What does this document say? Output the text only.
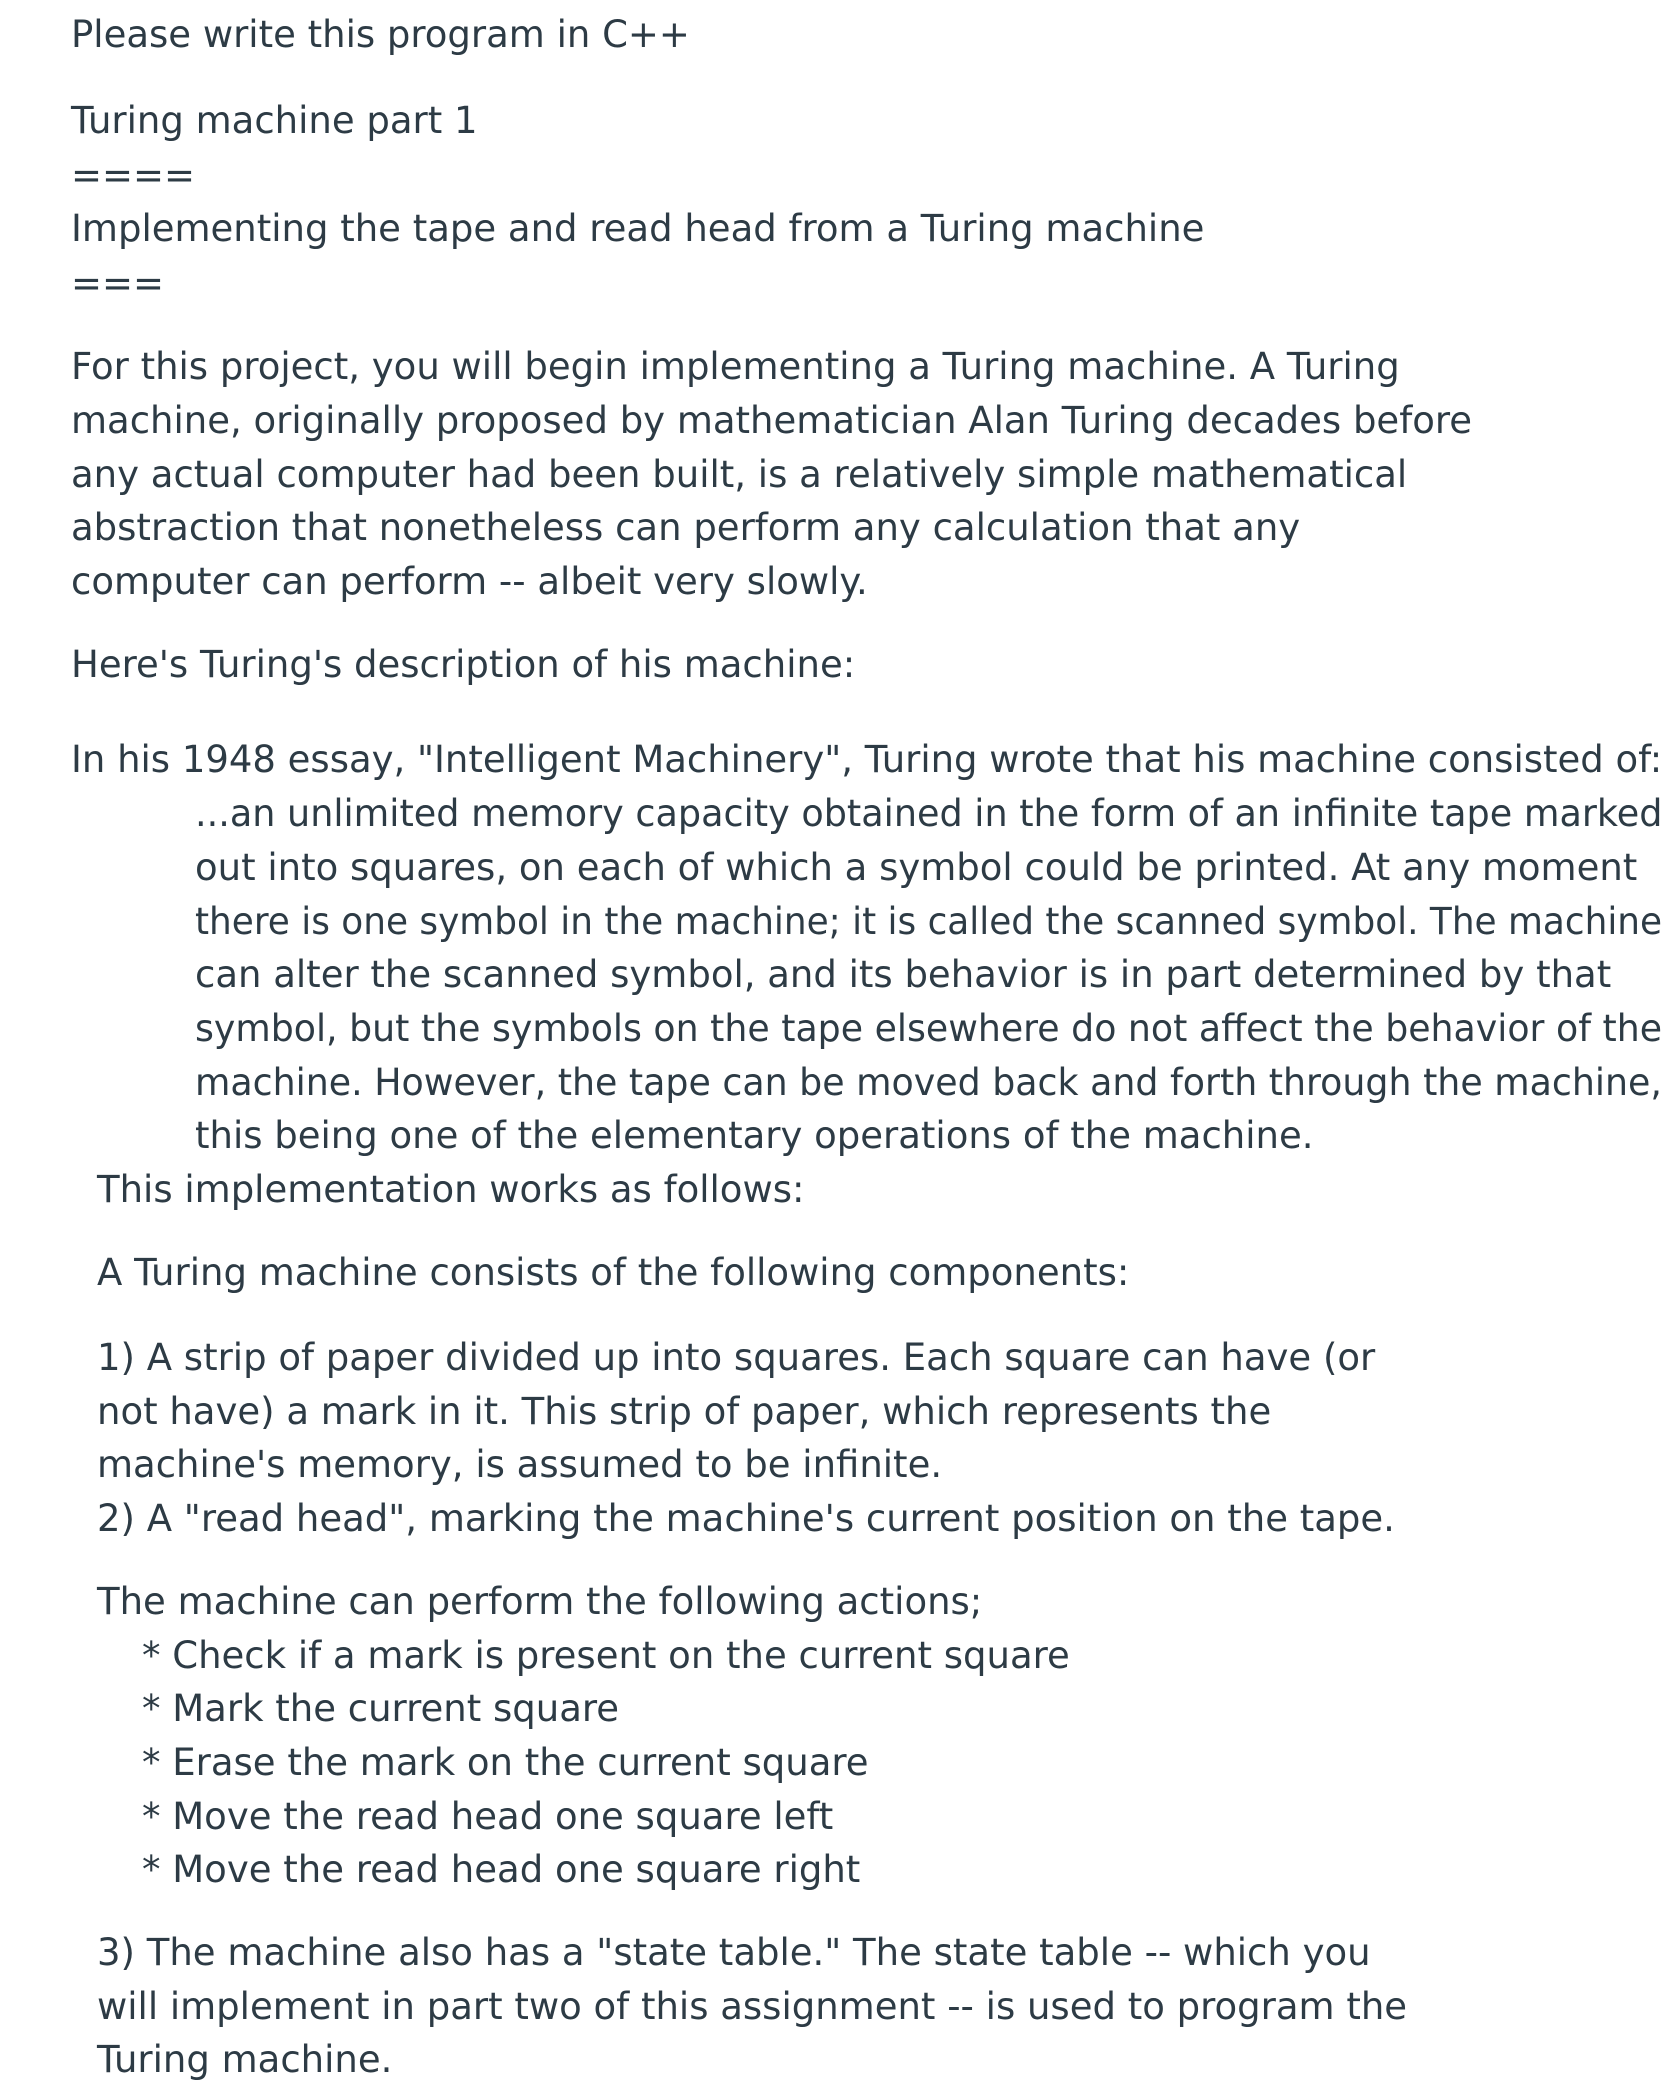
Please write this program in C++
Turing machine part 1
====
Implementing the tape and read head from a Turing machine
===
For this project, you will begin implementing a Turing machine. A Turing
machine, originally proposed by mathematician Alan Turing decades before
any actual computer had been built, is a relatively simple mathematical
abstraction that nonetheless can perform any calculation that any
computer can perform -- albeit very slowly.
Here's Turing's description of his machine:
In his 1948 essay, "Intelligent Machinery", Turing wrote that his machine consisted of:
...an unlimited memory capacity obtained in the form of an infinite tape marked
out into squares, on each of which a symbol could be printed. At any moment
there is one symbol in the machine; it is called the scanned symbol. The machine
can alter the scanned symbol, and its behavior is in part determined by that
symbol, but the symbols on the tape elsewhere do not affect the behavior of the
machine. However, the tape can be moved back and forth through the machine,
this being one of the elementary operations of the machine.
This implementation works as follows:
A Turing machine consists of the following components:
1) A strip of paper divided up into squares. Each square can have (or
not have) a mark in it. This strip of paper, which represents the
machine's memory, is assumed to be infinite.
2) A "read head", marking the machine's current position on the tape.
The machine can perform the following actions;
* Check if a mark is present on the current square
* Mark the current square
* Erase the mark on the current square
* Move the read head one square left
* Move the read head one square right
3) The machine also has a "state table." The state table -- which you
will implement in part two of this assignment -- is used to program the
Turing machine.
